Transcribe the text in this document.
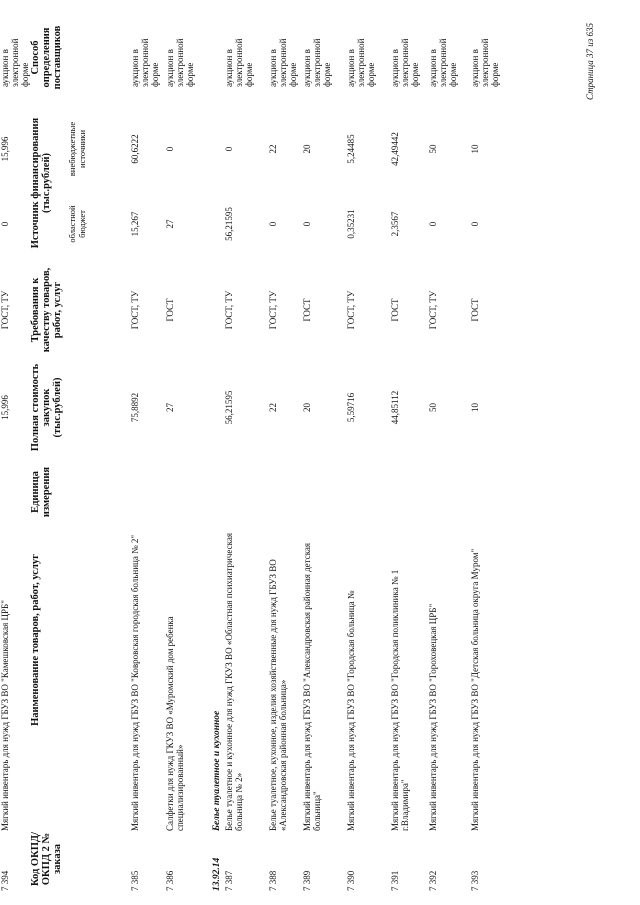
Код ОКПД/ ОКПД 2 № заказа
Наименование товаров, работ, услуг
Единица измерения
Полная стоимость закупок (тыс.рублей)
Требования к качеству товаров, работ, услуг
Источник финансирования (тыс.рублей)
областной бюджет
внебюджетные источники
Способ определения поставщиков
7 385
Мягкий инвентарь для нужд ГБУЗ ВО "Ковровская городская больница № 2"
75,8892
ГОСТ, ТУ
15,267
60,6222
аукцион в электронной форме
7 386
Салфетки для нужд ГКУЗ ВО «Муромский дом ребенка специализированный»
27
ГОСТ
27
0
аукцион в электронной форме
13.92.14
Белье туалетное и кухонное
7 387
Белье туалетное и кухонное для нужд ГКУЗ ВО «Областная психиатрическая больница № 2»
56,21595
ГОСТ, ТУ
56,21595
0
аукцион в электронной форме
7 388
Белье туалетное, кухонное, изделия хозяйственные для нужд ГБУЗ ВО «Александровская районная больница»
22
ГОСТ, ТУ
0
22
аукцион в электронной форме
7 389
Мягкий инвентарь для нужд ГБУЗ ВО "Александровская районная детская больница"
20
ГОСТ
0
20
аукцион в электронной форме
7 390
Мягкий инвентарь для нужд ГБУЗ ВО "Городская больница №
5,59716
ГОСТ, ТУ
0,35231
5,24485
аукцион в электронной форме
7 391
Мягкий инвентарь для нужд ГБУЗ ВО "Городская поликлиника № 1 г.Владимира"
44,85112
ГОСТ
2,3567
42,49442
аукцион в электронной форме
7 392
Мягкий инвентарь для нужд ГБУЗ ВО "Гороховецкая ЦРБ"
50
ГОСТ, ТУ
0
50
аукцион в электронной форме
7 393
Мягкий инвентарь для нужд ГБУЗ ВО "Детская больница округа Муром"
10
ГОСТ
0
10
аукцион в электронной форме
7 394
Мягкий инвентарь для нужд ГБУЗ ВО "Камешковская ЦРБ"
15,996
ГОСТ, ТУ
0
15,996
аукцион в электронной форме	Страница 37 из 635
